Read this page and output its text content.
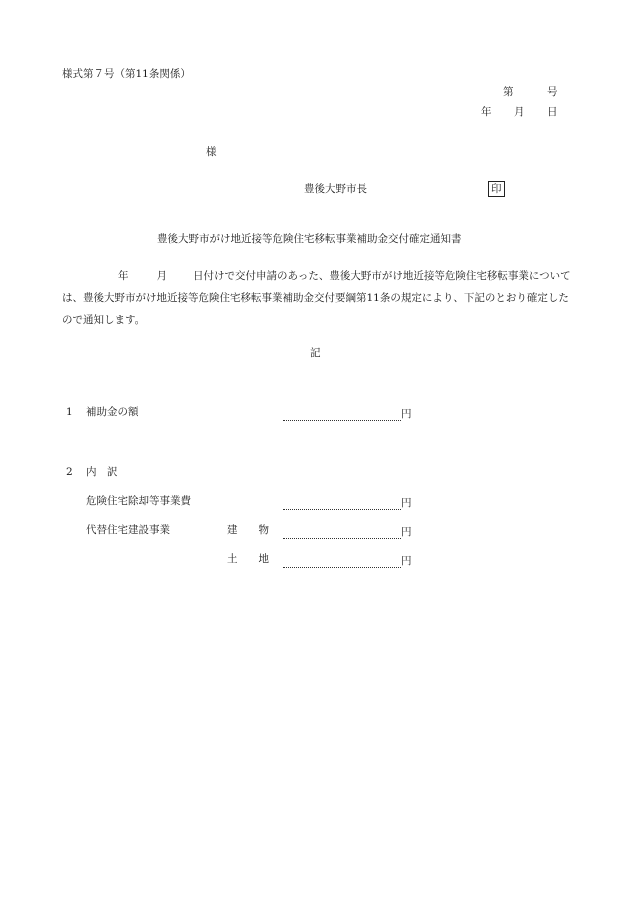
様式第７号（第11条関係）
第	号
年 月 日
様
豊後大野市長	印
豊後大野市がけ地近接等危険住宅移転事業補助金交付確定通知書
年	月 日付けで交付申請のあった、豊後大野市がけ地近接等危険住宅移転事業については、豊後大野市がけ地近接等危険住宅移転事業補助金交付要綱第11条の規定により、下記のとおり確定したので通知します。
記
1 補助金の額	円
2 内　訳
危険住宅除却等事業費	円
代替住宅建設事業	建　　物	円
土　　地	円
